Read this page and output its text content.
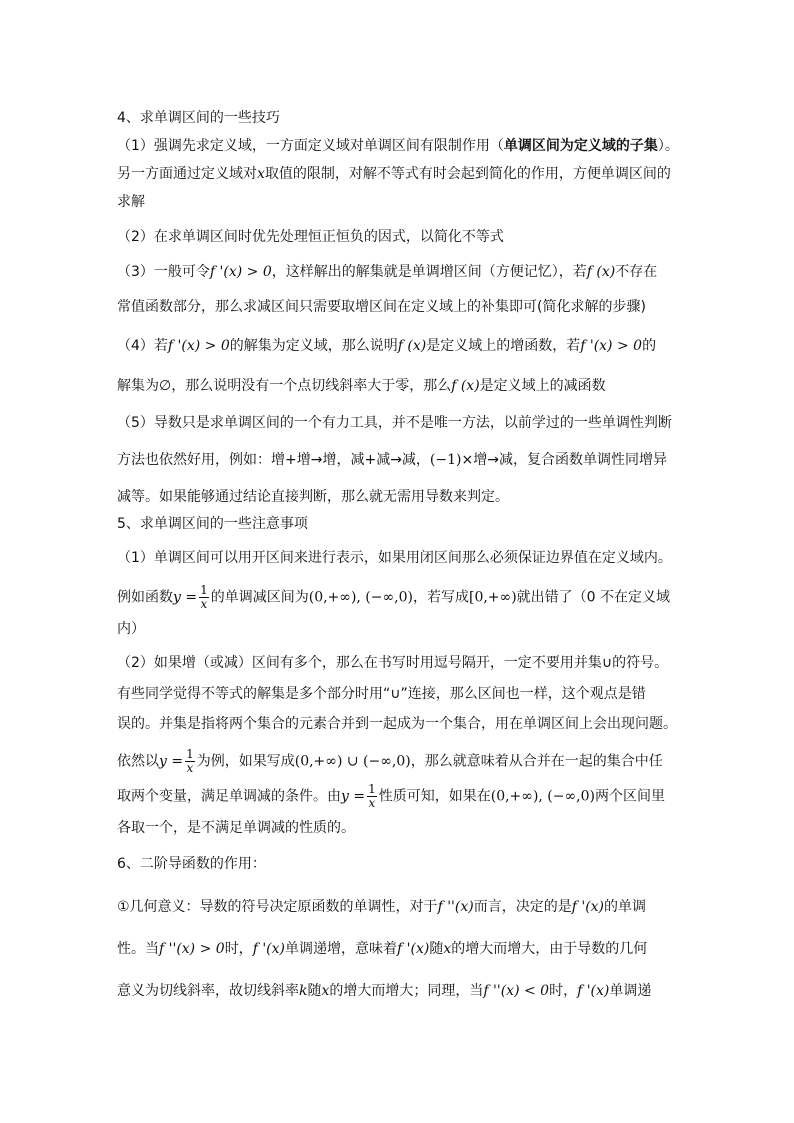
4、求单调区间的一些技巧
（1）强调先求定义域，一方面定义域对单调区间有限制作用（单调区间为定义域的子集）。
另一方面通过定义域对x取值的限制，对解不等式有时会起到简化的作用，方便单调区间的
求解
（2）在求单调区间时优先处理恒正恒负的因式，以简化不等式
（3）一般可令f '(x) > 0，这样解出的解集就是单调增区间（方便记忆），若f (x)不存在
常值函数部分，那么求减区间只需要取增区间在定义域上的补集即可(简化求解的步骤)
（4）若f '(x) > 0的解集为定义域，那么说明f (x)是定义域上的增函数，若f '(x) > 0的
解集为∅，那么说明没有一个点切线斜率大于零，那么f (x)是定义域上的减函数
（5）导数只是求单调区间的一个有力工具，并不是唯一方法，以前学过的一些单调性判断
方法也依然好用，例如：增+增→增，减+减→减，(−1)×增→减，复合函数单调性同增异
减等。如果能够通过结论直接判断，那么就无需用导数来判定。
5、求单调区间的一些注意事项
（1）单调区间可以用开区间来进行表示，如果用闭区间那么必须保证边界值在定义域内。
例如函数$y = \frac{1}{x}$ 的单调减区间为(0,+∞), (−∞,0)，若写成[0,+∞)就出错了（0 不在定义域
内）
（2）如果增（或减）区间有多个，那么在书写时用逗号隔开，一定不要用并集∪的符号。
有些同学觉得不等式的解集是多个部分时用“∪”连接，那么区间也一样，这个观点是错
误的。并集是指将两个集合的元素合并到一起成为一个集合，用在单调区间上会出现问题。
依然以$y = \frac{1}{x}$ 为例，如果写成(0,+∞) ∪ (−∞,0)，那么就意味着从合并在一起的集合中任
取两个变量，满足单调减的条件。由$y = \frac{1}{x}$ 性质可知，如果在(0,+∞), (−∞,0)两个区间里
各取一个，是不满足单调减的性质的。
6、二阶导函数的作用：
①几何意义：导数的符号决定原函数的单调性，对于f ''(x)而言，决定的是f '(x)的单调
性。当f ''(x) > 0时，f '(x)单调递增，意味着f '(x)随x的增大而增大，由于导数的几何
意义为切线斜率，故切线斜率k随x的增大而增大；同理，当f ''(x) < 0时，f '(x)单调递
